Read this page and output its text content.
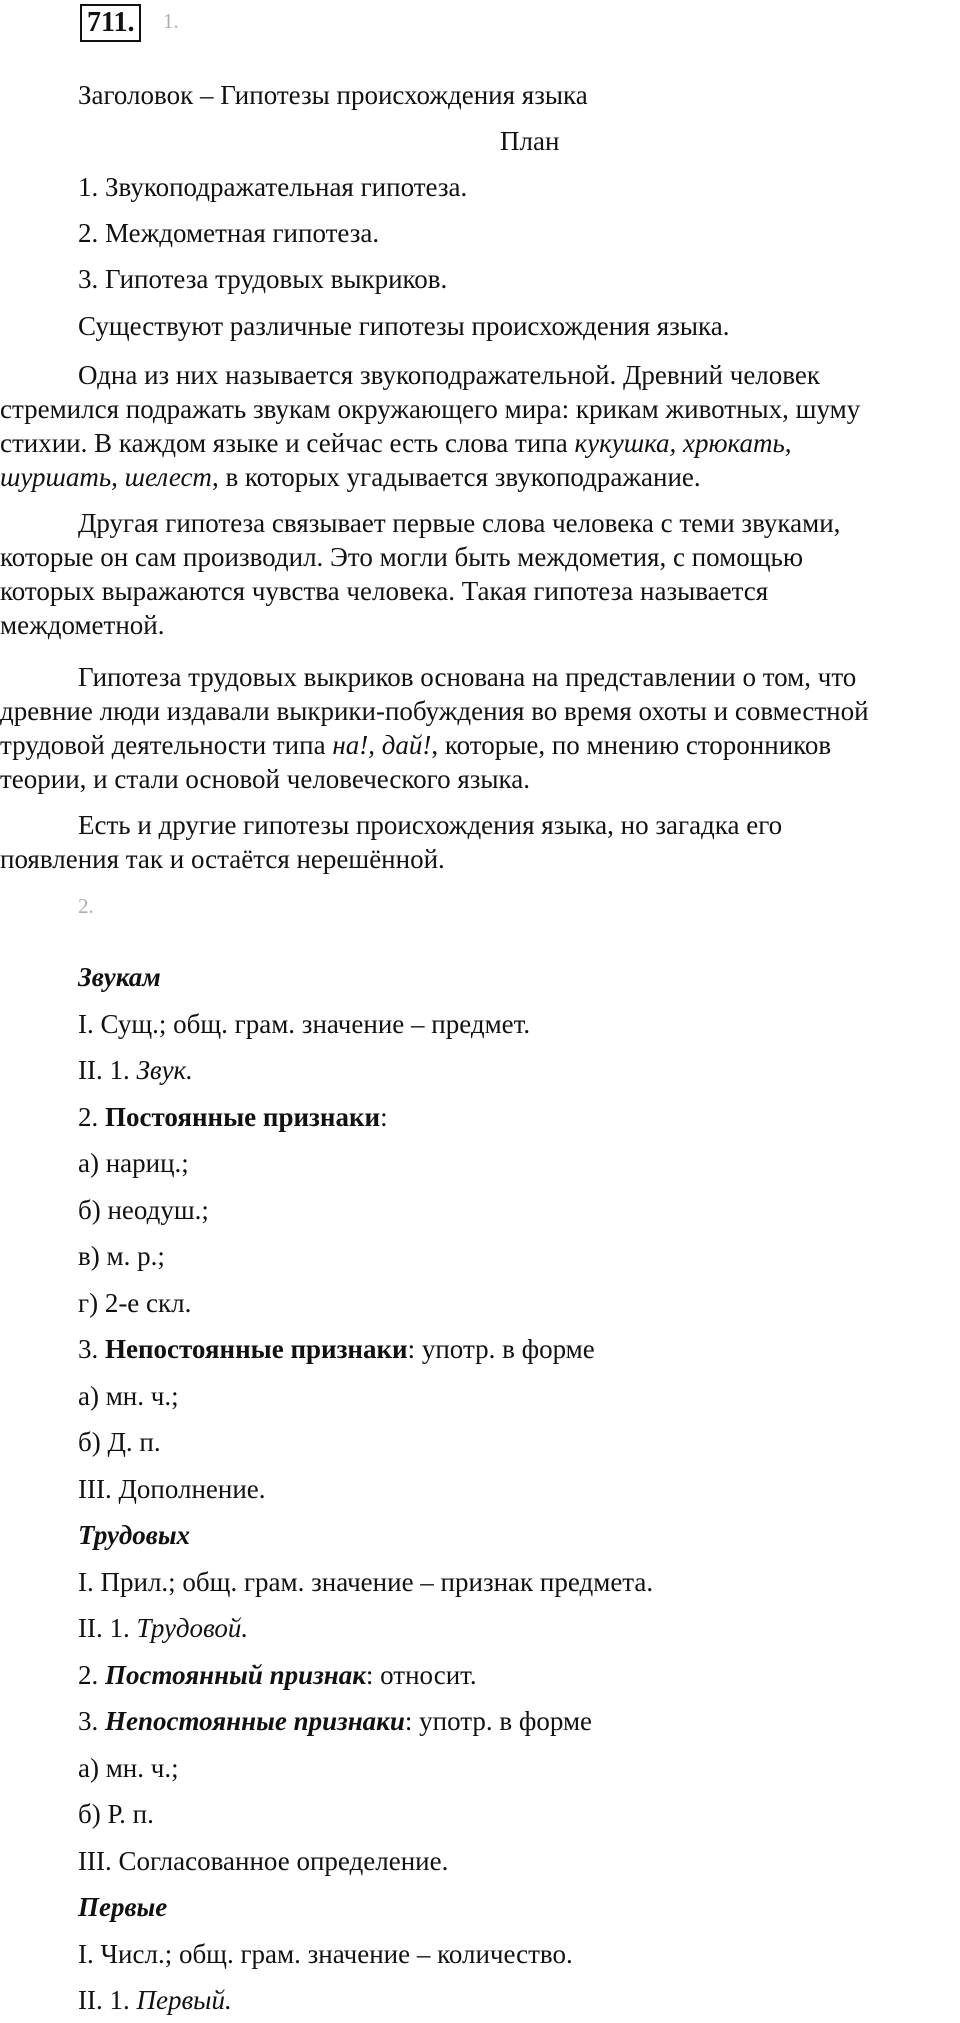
711.	1.
Заголовок – Гипотезы происхождения языка
План
1. Звукоподражательная гипотеза.
2. Междометная гипотеза.
3. Гипотеза трудовых выкриков.
Существуют различные гипотезы происхождения языка.
Одна из них называется звукоподражательной. Древний человек
стремился подражать звукам окружающего мира: крикам животных, шуму
стихии. В каждом языке и сейчас есть слова типа кукушка, хрюкать,
шуршать, шелест, в которых угадывается звукоподражание.
Другая гипотеза связывает первые слова человека с теми звуками,
которые он сам производил. Это могли быть междометия, с помощью
которых выражаются чувства человека. Такая гипотеза называется
междометной.
Гипотеза трудовых выкриков основана на представлении о том, что
древние люди издавали выкрики-побуждения во время охоты и совместной
трудовой деятельности типа на!, дай!, которые, по мнению сторонников
теории, и стали основой человеческого языка.
Есть и другие гипотезы происхождения языка, но загадка его
появления так и остаётся нерешённой.
2.
Звукам
I. Сущ.; общ. грам. значение – предмет.
II. 1. Звук.
2. Постоянные признаки:
а) нариц.;
б) неодуш.;
в) м. р.;
г) 2-е скл.
3. Непостоянные признаки: употр. в форме
а) мн. ч.;
б) Д. п.
III. Дополнение.
Трудовых
I. Прил.; общ. грам. значение – признак предмета.
II. 1. Трудовой.
2. Постоянный признак: относит.
3. Непостоянные признаки: употр. в форме
а) мн. ч.;
б) Р. п.
III. Согласованное определение.
Первые
I. Числ.; общ. грам. значение – количество.
II. 1. Первый.
